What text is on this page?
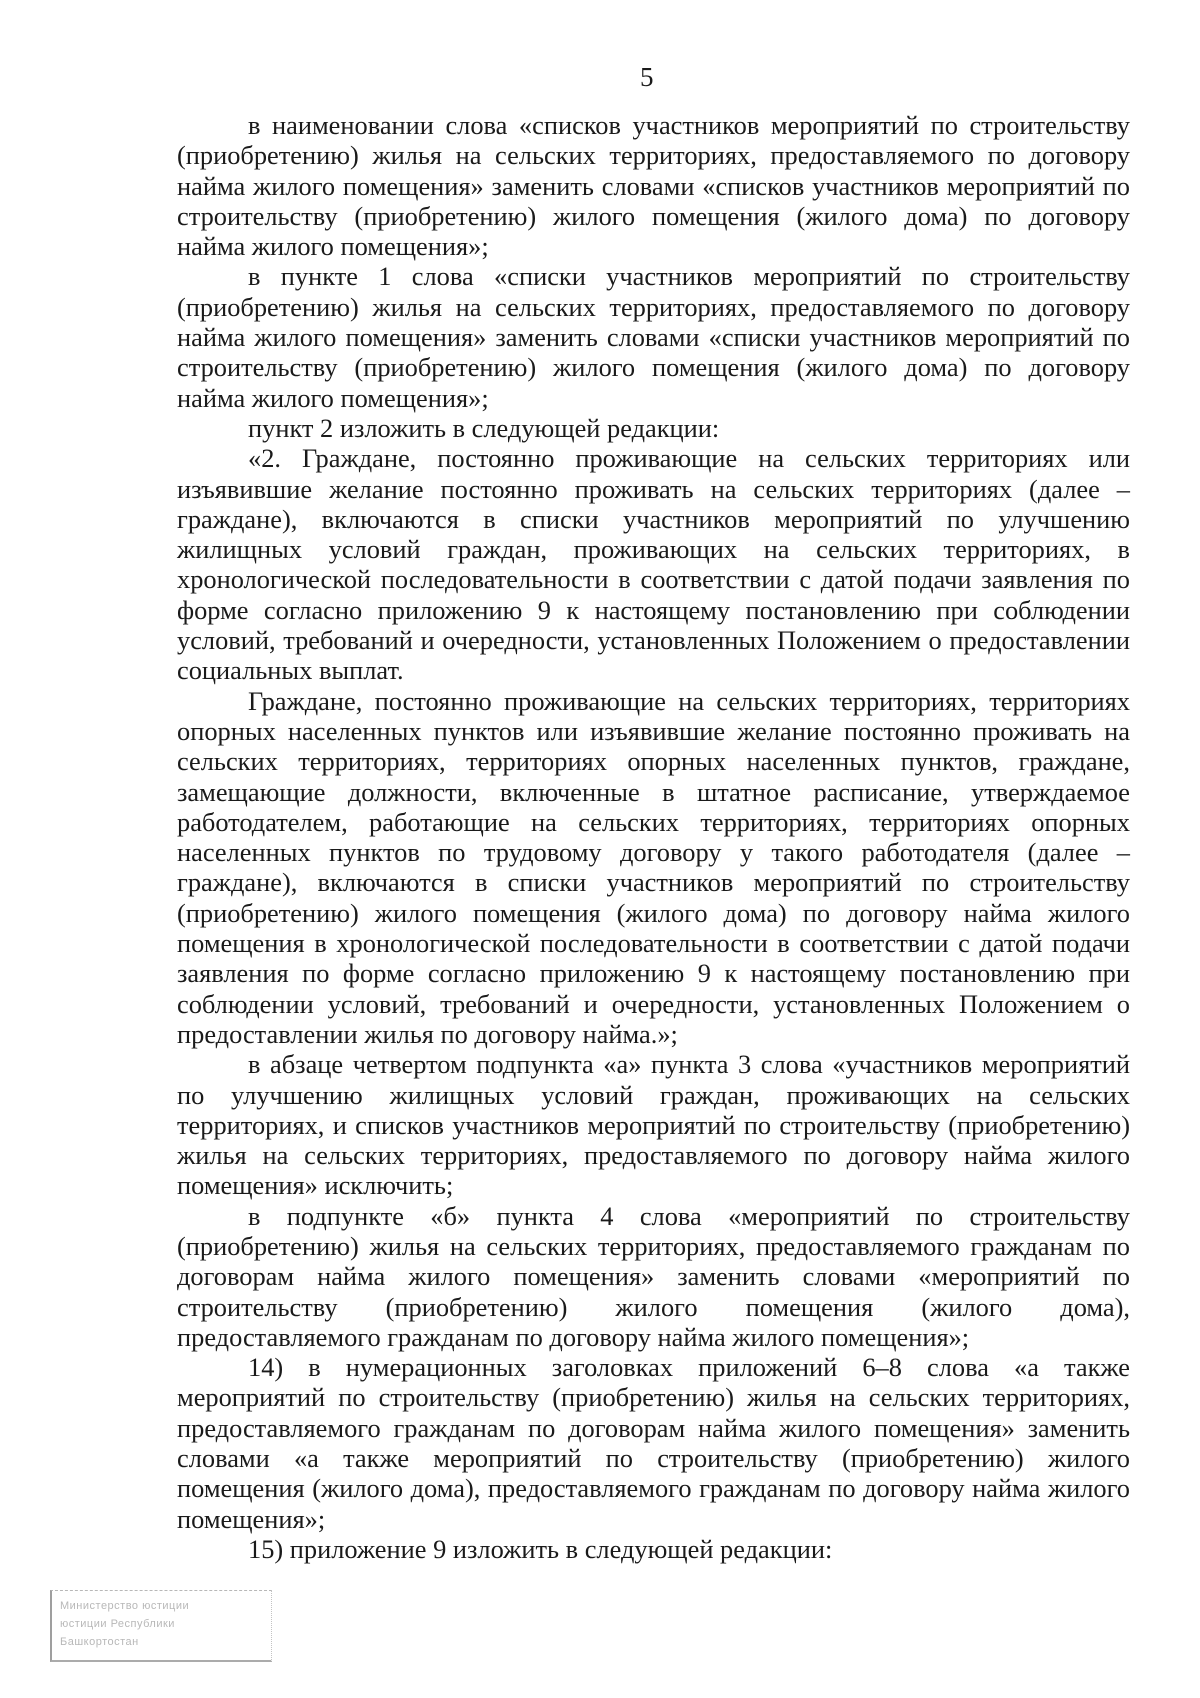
5

в наименовании слова «списков участников мероприятий по строительству (приобретению) жилья на сельских территориях, предоставляемого по договору найма жилого помещения» заменить словами «списков участников мероприятий по строительству (приобретению) жилого помещения (жилого дома) по договору найма жилого помещения»;

в пункте 1 слова «списки участников мероприятий по строительству (приобретению) жилья на сельских территориях, предоставляемого по договору найма жилого помещения» заменить словами «списки участников мероприятий по строительству (приобретению) жилого помещения (жилого дома) по договору найма жилого помещения»;

пункт 2 изложить в следующей редакции:

«2. Граждане, постоянно проживающие на сельских территориях или изъявившие желание постоянно проживать на сельских территориях (далее – граждане), включаются в списки участников мероприятий по улучшению жилищных условий граждан, проживающих на сельских территориях, в хронологической последовательности в соответствии с датой подачи заявления по форме согласно приложению 9 к настоящему постановлению при соблюдении условий, требований и очередности, установленных Положением о предоставлении социальных выплат.

Граждане, постоянно проживающие на сельских территориях, территориях опорных населенных пунктов или изъявившие желание постоянно проживать на сельских территориях, территориях опорных населенных пунктов, граждане, замещающие должности, включенные в штатное расписание, утверждаемое работодателем, работающие на сельских территориях, территориях опорных населенных пунктов по трудовому договору у такого работодателя (далее – граждане), включаются в списки участников мероприятий по строительству (приобретению) жилого помещения (жилого дома) по договору найма жилого помещения в хронологической последовательности в соответствии с датой подачи заявления по форме согласно приложению 9 к настоящему постановлению при соблюдении условий, требований и очередности, установленных Положением о предоставлении жилья по договору найма.»;

в абзаце четвертом подпункта «а» пункта 3 слова «участников мероприятий по улучшению жилищных условий граждан, проживающих на сельских территориях, и списков участников мероприятий по строительству (приобретению) жилья на сельских территориях, предоставляемого по договору найма жилого помещения» исключить;

в подпункте «б» пункта 4 слова «мероприятий по строительству (приобретению) жилья на сельских территориях, предоставляемого гражданам по договорам найма жилого помещения» заменить словами «мероприятий по строительству (приобретению) жилого помещения (жилого дома), предоставляемого гражданам по договору найма жилого помещения»;

14) в нумерационных заголовках приложений 6–8 слова «а также мероприятий по строительству (приобретению) жилья на сельских территориях, предоставляемого гражданам по договорам найма жилого помещения» заменить словами «а также мероприятий по строительству (приобретению) жилого помещения (жилого дома), предоставляемого гражданам по договору найма жилого помещения»;

15) приложение 9 изложить в следующей редакции:

Министерство юстиции
юстиции Республики
Башкортостан
